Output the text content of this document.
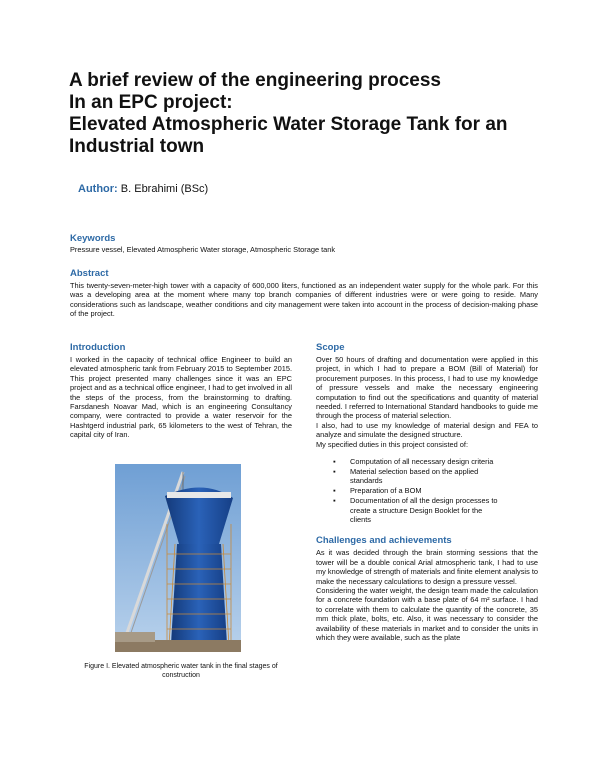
A brief review of the engineering process
In an EPC project:
Elevated Atmospheric Water Storage Tank for an
Industrial town
Author: B. Ebrahimi (BSc)
Keywords
Pressure vessel, Elevated Atmospheric Water storage, Atmospheric Storage tank
Abstract
This twenty-seven-meter-high tower with a capacity of 600,000 liters, functioned as an independent water supply for the whole park. For this was a developing area at the moment where many top branch companies of different industries were or were going to reside. Many considerations such as landscape, weather conditions and city management were taken into account in the process of decision-making phase of the project.
Introduction
I worked in the capacity of technical office Engineer to build an elevated atmospheric tank from February 2015 to September 2015. This project presented many challenges since it was an EPC project and as a technical office engineer, I had to get involved in all the steps of the process, from the brainstorming to drafting. Farsdanesh Noavar Mad, which is an engineering Consultancy company, were contracted to provide a water reservoir for the Hashtgerd industrial park, 65 kilometers to the west of Tehran, the capital city of Iran.
Figure I. Elevated atmospheric water tank in the final stages of construction
Scope
Over 50 hours of drafting and documentation were applied in this project, in which I had to prepare a BOM (Bill of Material) for procurement purposes. In this process, I had to use my knowledge of pressure vessels and make the necessary engineering computation to find out the specifications and quantity of material needed. I referred to International Standard handbooks to guide me through the process of material selection.
I also, had to use my knowledge of material design and FEA to analyze and simulate the designed structure.
My specified duties in this project consisted of:
▪ Computation of all necessary design criteria
▪ Material selection based on the applied standards
▪ Preparation of a BOM
▪ Documentation of all the design processes to create a structure Design Booklet for the clients
Challenges and achievements
As it was decided through the brain storming sessions that the tower will be a double conical Arial atmospheric tank, I had to use my knowledge of strength of materials and finite element analysis to make the necessary calculations to design a pressure vessel.
Considering the water weight, the design team made the calculation for a concrete foundation with a base plate of 64 m² surface. I had to correlate with them to calculate the quantity of the concrete, 35 mm thick plate, bolts, etc. Also, it was necessary to consider the availability of these materials in market and to consider the units in which they were available, such as the plate
